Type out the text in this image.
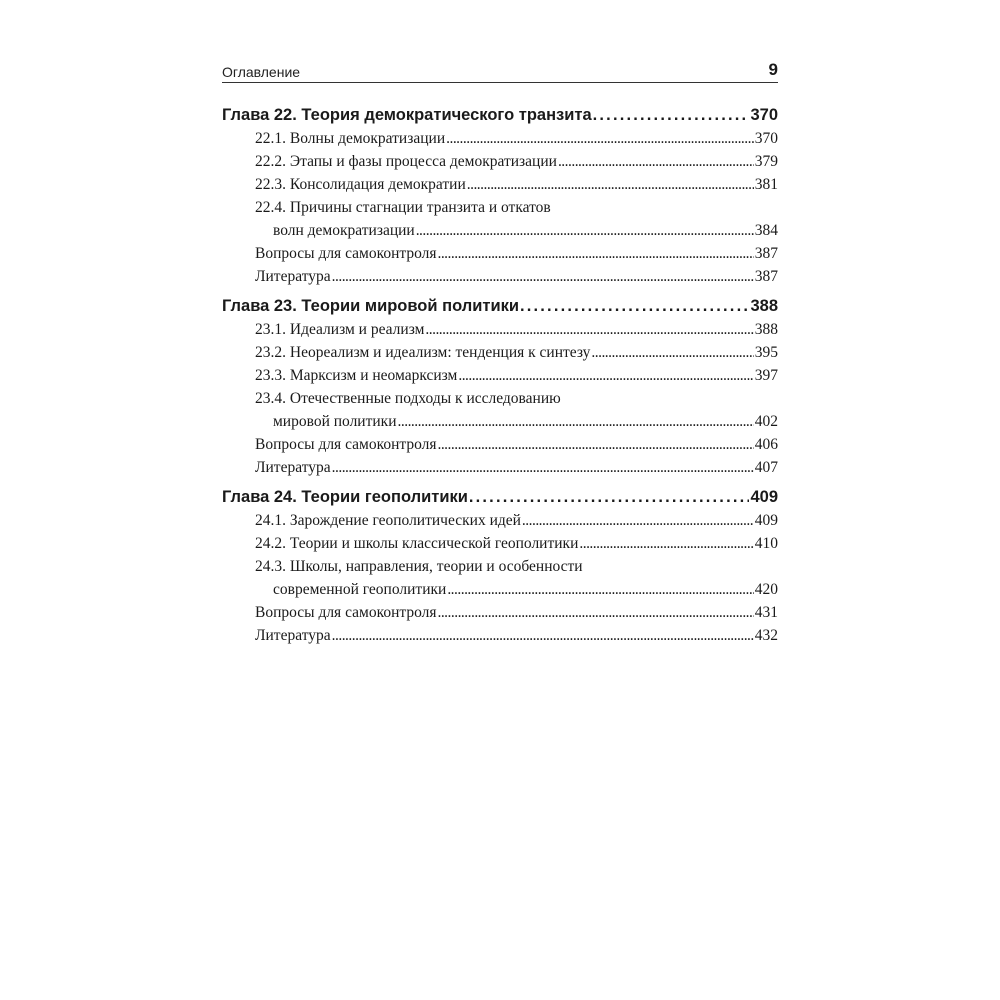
Оглавление	9
Глава 22. Теория демократического транзита . . .	370
22.1. Волны демократизации . . .	370
22.2. Этапы и фазы процесса демократизации . . .	379
22.3. Консолидация демократии . . .	381
22.4. Причины стагнации транзита и откатов
волн демократизации . . .	384
Вопросы для самоконтроля . . .	387
Литература . . .	387
Глава 23. Теории мировой политики . . .	388
23.1. Идеализм и реализм . . .	388
23.2. Неореализм и идеализм: тенденция к синтезу . . .	395
23.3. Марксизм и неомарксизм . . .	397
23.4. Отечественные подходы к исследованию
мировой политики . . .	402
Вопросы для самоконтроля . . .	406
Литература . . .	407
Глава 24. Теории геополитики . . .	409
24.1. Зарождение геополитических идей . . .	409
24.2. Теории и школы классической геополитики . . .	410
24.3. Школы, направления, теории и особенности
современной геополитики . . .	420
Вопросы для самоконтроля . . .	431
Литература . . .	432
